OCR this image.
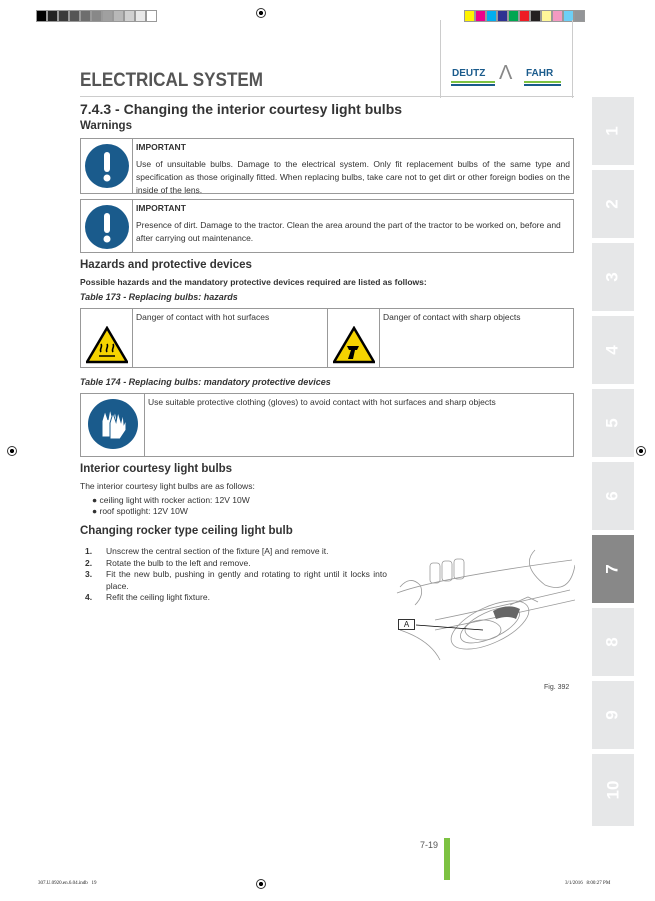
ELECTRICAL SYSTEM	DEUTZ Λ FAHR
7.4.3 - Changing the interior courtesy light bulbs
Warnings
IMPORTANT

Use of unsuitable bulbs. Damage to the electrical system. Only fit replacement bulbs of the same type and specification as those originally fitted. When replacing bulbs, take care not to get dirt or other foreign bodies on the inside of the lens.

IMPORTANT

Presence of dirt. Damage to the tractor. Clean the area around the part of the tractor to be worked on, before and after carrying out maintenance.

Hazards and protective devices
Possible hazards and the mandatory protective devices required are listed as follows:
Table 173 - Replacing bulbs: hazards
Danger of contact with hot surfaces	Danger of contact with sharp objects
Table 174 - Replacing bulbs: mandatory protective devices
Use suitable protective clothing (gloves) to avoid contact with hot surfaces and sharp objects
Interior courtesy light bulbs
The interior courtesy light bulbs are as follows:
● ceiling light with rocker action: 12V 10W
● roof spotlight: 12V 10W
Changing rocker type ceiling light bulb
1.	Unscrew the central section of the fixture [A] and remove it.
2.	Rotate the bulb to the left and remove.
3.	Fit the new bulb, pushing in gently and rotating to right until it locks into place.
4.	Refit the ceiling light fixture.
A
Fig. 392
1
2
3
4
5
6
7
8
9
10
7-19
307.U.0920.en.6.04.indb   19	3/1/2016   8:00:27 PM
